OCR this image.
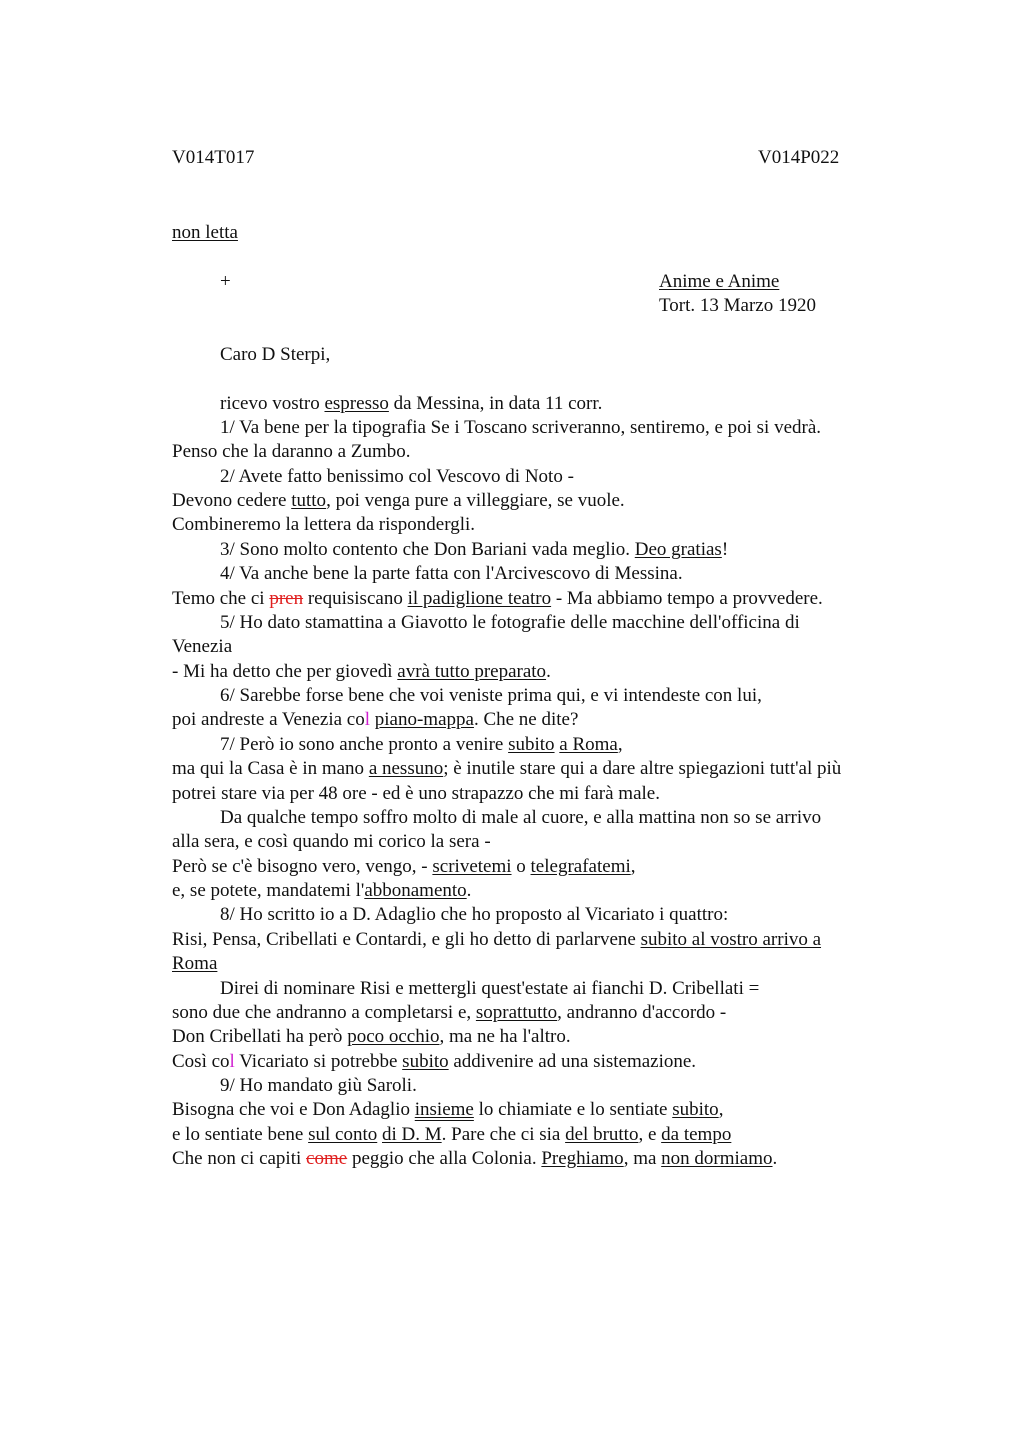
V014T017	V014P022
non letta
+	Anime e Anime
Tort. 13 Marzo 1920
Caro D Sterpi,
ricevo vostro espresso da Messina, in data 11 corr.
1/ Va bene per la tipografia Se i Toscano scriveranno, sentiremo, e poi si vedrà.
Penso che la daranno a Zumbo.
2/ Avete fatto benissimo col Vescovo di Noto -
Devono cedere tutto, poi venga pure a villeggiare, se vuole.
Combineremo la lettera da rispondergli.
3/ Sono molto contento che Don Bariani vada meglio. Deo gratias!
4/ Va anche bene la parte fatta con l'Arcivescovo di Messina.
Temo che ci pren requisiscano il padiglione teatro - Ma abbiamo tempo a provvedere.
5/ Ho dato stamattina a Giavotto le fotografie delle macchine dell'officina di
Venezia
- Mi ha detto che per giovedì avrà tutto preparato.
6/ Sarebbe forse bene che voi veniste prima qui, e vi intendeste con lui,
poi andreste a Venezia col piano-mappa. Che ne dite?
7/ Però io sono anche pronto a venire subito a Roma,
ma qui la Casa è in mano a nessuno; è inutile stare qui a dare altre spiegazioni tutt'al più
potrei stare via per 48 ore - ed è uno strapazzo che mi farà male.
Da qualche tempo soffro molto di male al cuore, e alla mattina non so se arrivo
alla sera, e così quando mi corico la sera -
Però se c'è bisogno vero, vengo, - scrivetemi o telegrafatemi,
e, se potete, mandatemi l'abbonamento.
8/ Ho scritto io a D. Adaglio che ho proposto al Vicariato i quattro:
Risi, Pensa, Cribellati e Contardi, e gli ho detto di parlarvene subito al vostro arrivo a
Roma
Direi di nominare Risi e mettergli quest'estate ai fianchi D. Cribellati =
sono due che andranno a completarsi e, soprattutto, andranno d'accordo -
Don Cribellati ha però poco occhio, ma ne ha l'altro.
Così col Vicariato si potrebbe subito addivenire ad una sistemazione.
9/ Ho mandato giù Saroli.
Bisogna che voi e Don Adaglio insieme lo chiamiate e lo sentiate subito,
e lo sentiate bene sul conto di D. M. Pare che ci sia del brutto, e da tempo
Che non ci capiti come peggio che alla Colonia. Preghiamo, ma non dormiamo.
